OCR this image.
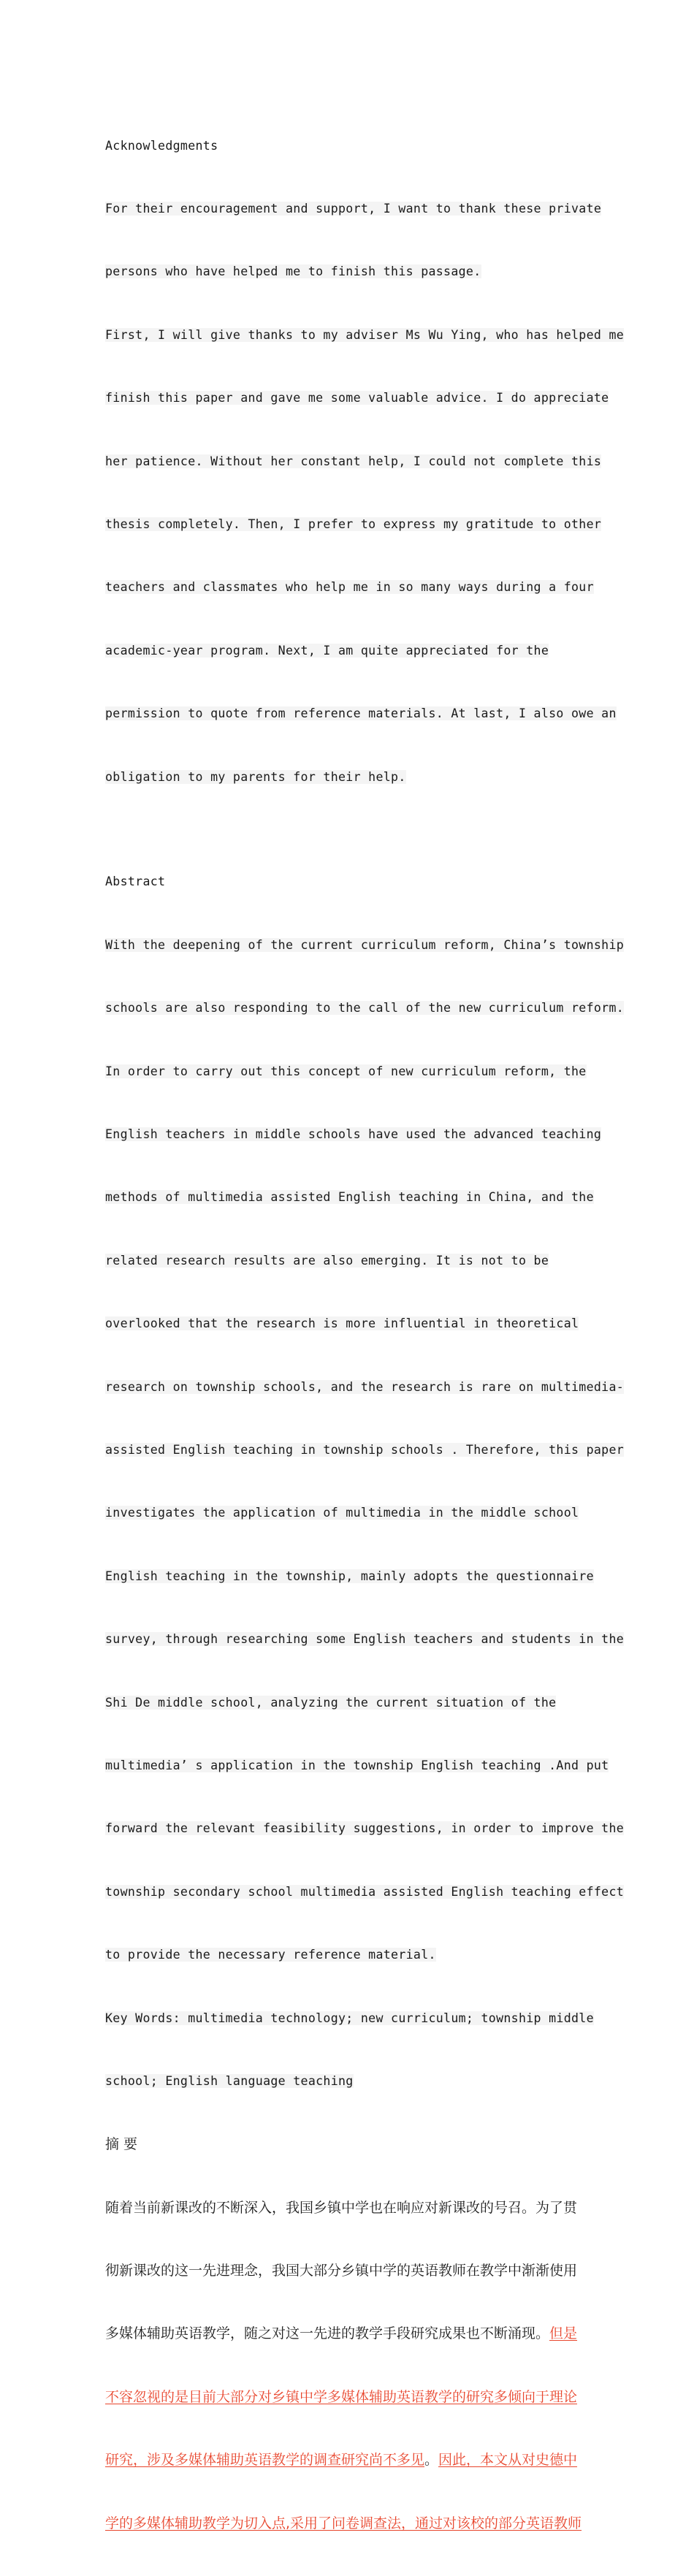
Acknowledgments

For their encouragement and support, I want to thank these private

persons who have helped me to finish this passage.

First, I will give thanks to my adviser Ms Wu Ying, who has helped me

finish this paper and gave me some valuable advice. I do appreciate

her patience. Without her constant help, I could not complete this

thesis completely. Then, I prefer to express my gratitude to other

teachers and classmates who help me in so many ways during a four

academic-year program. Next, I am quite appreciated for the

permission to quote from reference materials. At last, I also owe an

obligation to my parents for their help.

Abstract

With the deepening of the current curriculum reform, China’s township

schools are also responding to the call of the new curriculum reform.

In order to carry out this concept of new curriculum reform, the

English teachers in middle schools have used the advanced teaching

methods of multimedia assisted English teaching in China, and the

related research results are also emerging. It is not to be

overlooked that the research is more influential in theoretical

research on township schools, and the research is rare on multimedia-

assisted English teaching in township schools . Therefore, this paper

investigates the application of multimedia in the middle school

English teaching in the township, mainly adopts the questionnaire

survey, through researching some English teachers and students in the

Shi De middle school, analyzing the current situation of the

multimedia’ s application in the township English teaching .And put

forward the relevant feasibility suggestions, in order to improve the

township secondary school multimedia assisted English teaching effect

to provide the necessary reference material.

Key Words: multimedia technology; new curriculum; township middle

school; English language teaching

摘 要

随着当前新课改的不断深入，我国乡镇中学也在响应对新课改的号召。为了贯

彻新课改的这一先进理念，我国大部分乡镇中学的英语教师在教学中渐渐使用

多媒体辅助英语教学，随之对这一先进的教学手段研究成果也不断涌现。但是

不容忽视的是目前大部分对乡镇中学多媒体辅助英语教学的研究多倾向于理论

研究，涉及多媒体辅助英语教学的调查研究尚不多见。因此，本文从对史德中

学的多媒体辅助教学为切入点,采用了问卷调查法，通过对该校的部分英语教师
